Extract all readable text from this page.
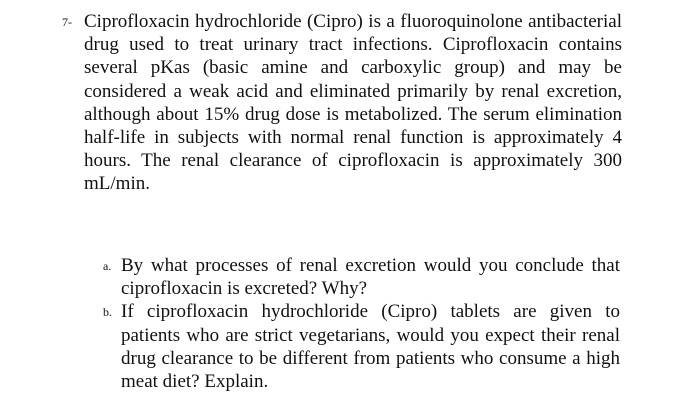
7- Ciprofloxacin hydrochloride (Cipro) is a fluoroquinolone antibacterial drug used to treat urinary tract infections. Ciprofloxacin contains several pKas (basic amine and carboxylic group) and may be considered a weak acid and eliminated primarily by renal excretion, although about 15% drug dose is metabolized. The serum elimination half-life in subjects with normal renal function is approximately 4 hours. The renal clearance of ciprofloxacin is approximately 300 mL/min.

a. By what processes of renal excretion would you conclude that ciprofloxacin is excreted? Why?

b. If ciprofloxacin hydrochloride (Cipro) tablets are given to patients who are strict vegetarians, would you expect their renal drug clearance to be different from patients who consume a high meat diet? Explain.
